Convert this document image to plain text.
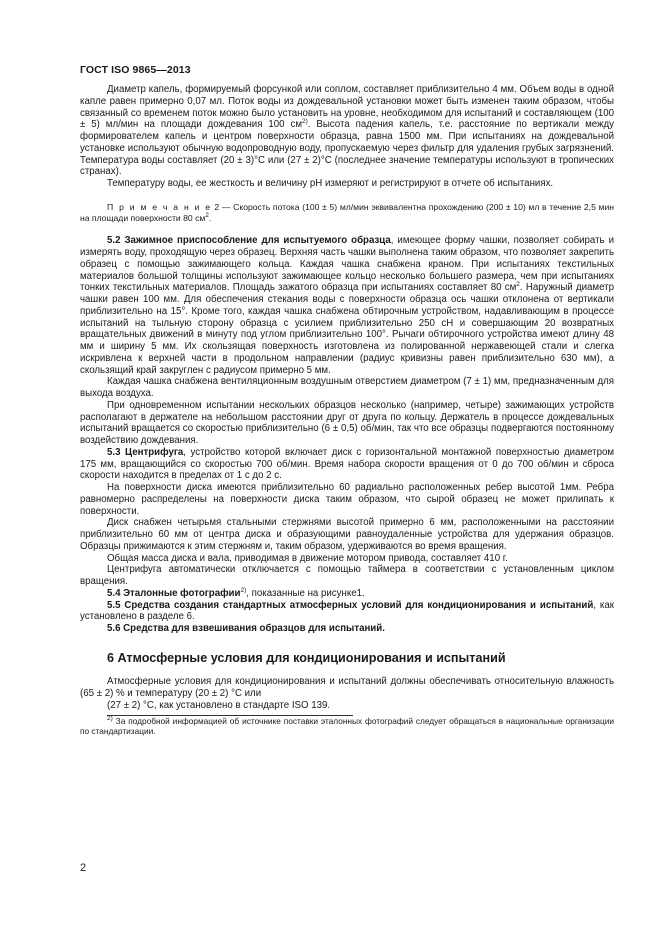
ГОСТ ISO 9865—2013

Диаметр капель, формируемый форсункой или соплом, составляет приблизительно 4 мм. Объем воды в одной капле равен примерно 0,07 мл. Поток воды из дождевальной установки может быть изменен таким образом, чтобы связанный со временем поток можно было установить на уровне, необходимом для испытаний и составляющем (100 ± 5) мл/мин на площади дождевания 100 $см^{2)}$. Высота падения капель, т.е. расстояние по вертикали между формирователем капель и центром поверхности образца, равна 1500 мм. При испытаниях на дождевальной установке используют обычную водопроводную воду, пропускаемую через фильтр для удаления грубых загрязнений. Температура воды составляет (20 ± 3)°С или (27 ± 2)°С (последнее значение температуры используют в тропических странах).

Температуру воды, ее жесткость и величину рН измеряют и регистрируют в отчете об испытаниях.

П р и м е ч а н и е 2 — Скорость потока (100 ± 5) мл/мин эквивалентна прохождению (200 ± 10) мл в течение 2,5 мин на площади поверхности 80 $см^2$.

5.2 Зажимное приспособление для испытуемого образца, имеющее форму чашки, позволяет собирать и измерять воду, проходящую через образец. Верхняя часть чашки выполнена таким образом, что позволяет закрепить образец с помощью зажимающего кольца. Каждая чашка снабжена краном. При испытаниях текстильных материалов большой толщины используют зажимающее кольцо несколько большего размера, чем при испытаниях тонких текстильных материалов. Площадь зажатого образца при испытаниях составляет 80 $см^2$. Наружный диаметр чашки равен 100 мм. Для обеспечения стекания воды с поверхности образца ось чашки отклонена от вертикали приблизительно на 15°. Кроме того, каждая чашка снабжена обтирочным устройством, надавливающим в процессе испытаний на тыльную сторону образца с усилием приблизительно 250 сН и совершающим 20 возвратных вращательных движений в минуту под углом приблизительно 100°. Рычаги обтирочного устройства имеют длину 48 мм и ширину 5 мм. Их скользящая поверхность изготовлена из полированной нержавеющей стали и слегка искривлена к верхней части в продольном направлении (радиус кривизны равен приблизительно 630 мм), а скользящий край закруглен с радиусом примерно 5 мм.

Каждая чашка снабжена вентиляционным воздушным отверстием диаметром (7 ± 1) мм, предназначенным для выхода воздуха.

При одновременном испытании нескольких образцов несколько (например, четыре) зажимающих устройств располагают в держателе на небольшом расстоянии друг от друга по кольцу. Держатель в процессе дождевальных испытаний вращается со скоростью приблизительно (6 ± 0,5) об/мин, так что все образцы подвергаются постоянному воздействию дождевания.

5.3 Центрифуга, устройство которой включает диск с горизонтальной монтажной поверхностью диаметром 175 мм, вращающийся со скоростью 700 об/мин. Время набора скорости вращения от 0 до 700 об/мин и сброса скорости находится в пределах от 1 с до 2 с.

На поверхности диска имеются приблизительно 60 радиально расположенных ребер высотой 1мм. Ребра равномерно распределены на поверхности диска таким образом, что сырой образец не может прилипать к поверхности.

Диск снабжен четырьмя стальными стержнями высотой примерно 6 мм, расположенными на расстоянии приблизительно 60 мм от центра диска и образующими равноудаленные устройства для удержания образцов. Образцы прижимаются к этим стержням и, таким образом, удерживаются во время вращения.

Общая масса диска и вала, приводимая в движение мотором привода, составляет 410 г.

Центрифуга автоматически отключается с помощью таймера в соответствии с установленным циклом вращения.

5.4 Эталонные фотографии$^{2)}$, показанные на рисунке1.

5.5 Средства создания стандартных атмосферных условий для кондиционирования и испытаний, как установлено в разделе 6.

5.6 Средства для взвешивания образцов для испытаний.

6 Атмосферные условия для кондиционирования и испытаний

Атмосферные условия для кондиционирования и испытаний должны обеспечивать относительную влажность (65 ± 2) % и температуру (20 ± 2) °С или

(27 ± 2) °С, как установлено в стандарте ISO 139.

$^{2)}$ За подробной информацией об источнике поставки эталонных фотографий следует обращаться в национальные организации по стандартизации.

2
